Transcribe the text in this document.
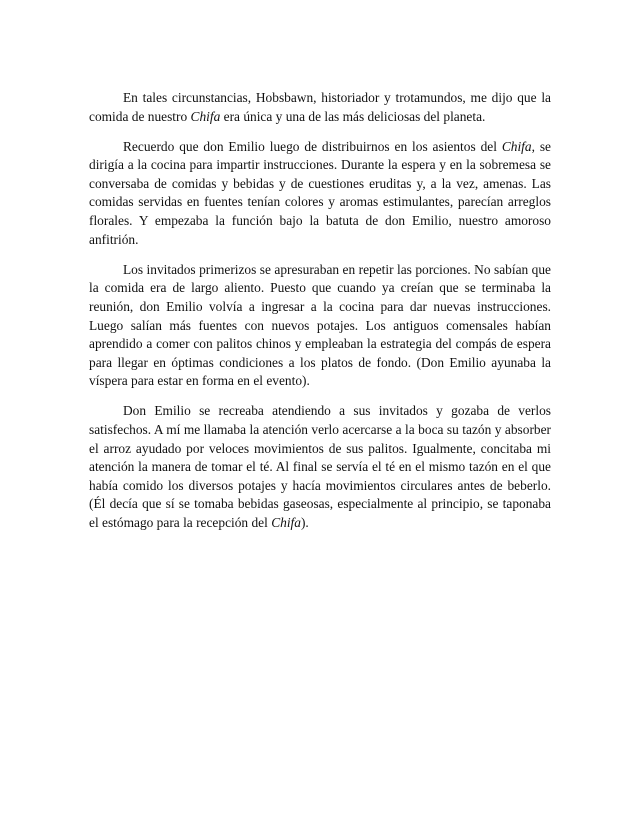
En tales circunstancias, Hobsbawn, historiador y trotamundos, me dijo que la comida de nuestro Chifa era única y una de las más deliciosas del planeta.

Recuerdo que don Emilio luego de distribuirnos en los asientos del Chifa, se dirigía a la cocina para impartir instrucciones. Durante la espera y en la sobremesa se conversaba de comidas y bebidas y de cuestiones eruditas y, a la vez, amenas. Las comidas servidas en fuentes tenían colores y aromas estimulantes, parecían arreglos florales. Y empezaba la función bajo la batuta de don Emilio, nuestro amoroso anfitrión.

Los invitados primerizos se apresuraban en repetir las porciones. No sabían que la comida era de largo aliento. Puesto que cuando ya creían que se terminaba la reunión, don Emilio volvía a ingresar a la cocina para dar nuevas instrucciones. Luego salían más fuentes con nuevos potajes. Los antiguos comensales habían aprendido a comer con palitos chinos y empleaban la estrategia del compás de espera para llegar en óptimas condiciones a los platos de fondo. (Don Emilio ayunaba la víspera para estar en forma en el evento).

Don Emilio se recreaba atendiendo a sus invitados y gozaba de verlos satisfechos. A mí me llamaba la atención verlo acercarse a la boca su tazón y absorber el arroz ayudado por veloces movimientos de sus palitos. Igualmente, concitaba mi atención la manera de tomar el té. Al final se servía el té en el mismo tazón en el que había comido los diversos potajes y hacía movimientos circulares antes de beberlo. (Él decía que sí se tomaba bebidas gaseosas, especialmente al principio, se taponaba el estómago para la recepción del Chifa).
